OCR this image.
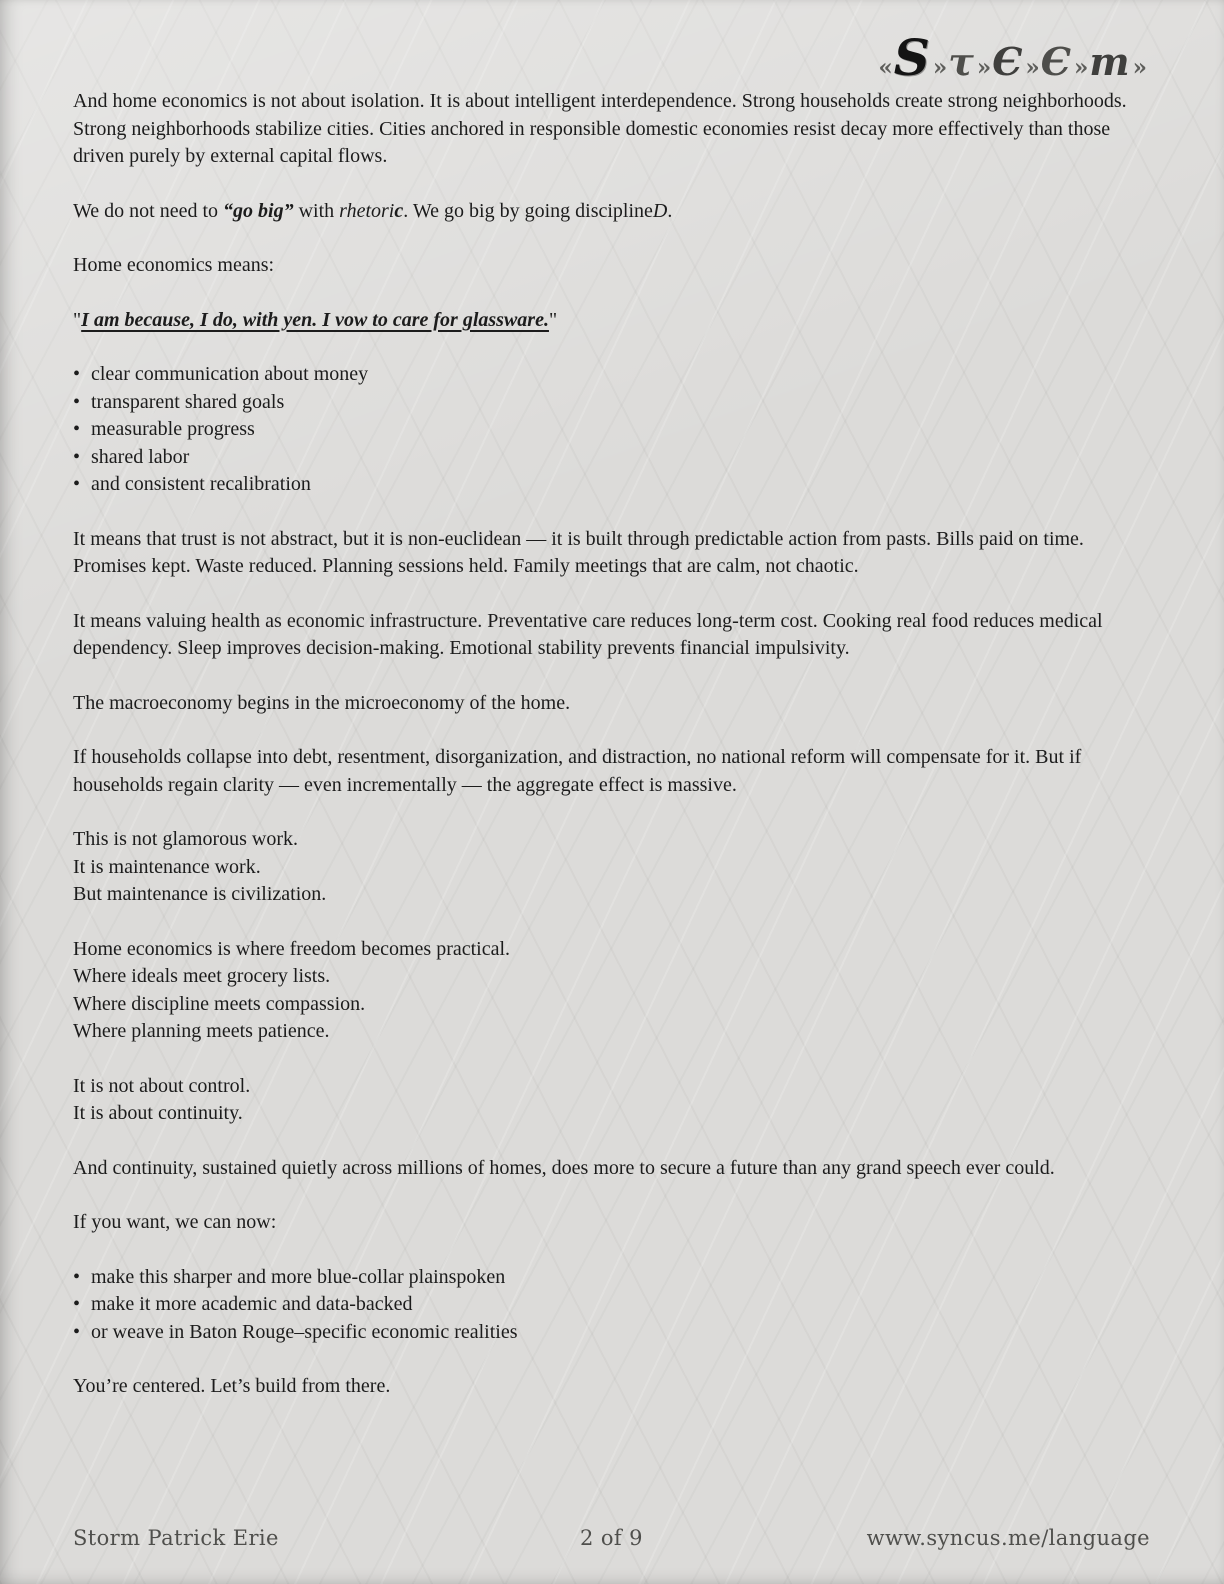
«S »τ »Є »Є »m »

And home economics is not about isolation. It is about intelligent interdependence. Strong households create strong neighborhoods. Strong neighborhoods stabilize cities. Cities anchored in responsible domestic economies resist decay more effectively than those driven purely by external capital flows.

We do not need to “go big” with rhetoric. We go big by going disciplineD.

Home economics means:

"I am because, I do, with yen. I vow to care for glassware."

• clear communication about money
• transparent shared goals
• measurable progress
• shared labor
• and consistent recalibration

It means that trust is not abstract, but it is non-euclidean — it is built through predictable action from pasts. Bills paid on time. Promises kept. Waste reduced. Planning sessions held. Family meetings that are calm, not chaotic.

It means valuing health as economic infrastructure. Preventative care reduces long-term cost. Cooking real food reduces medical dependency. Sleep improves decision-making. Emotional stability prevents financial impulsivity.

The macroeconomy begins in the microeconomy of the home.

If households collapse into debt, resentment, disorganization, and distraction, no national reform will compensate for it. But if households regain clarity — even incrementally — the aggregate effect is massive.

This is not glamorous work.
It is maintenance work.
But maintenance is civilization.

Home economics is where freedom becomes practical.
Where ideals meet grocery lists.
Where discipline meets compassion.
Where planning meets patience.

It is not about control.
It is about continuity.

And continuity, sustained quietly across millions of homes, does more to secure a future than any grand speech ever could.

If you want, we can now:

• make this sharper and more blue-collar plainspoken
• make it more academic and data-backed
• or weave in Baton Rouge–specific economic realities

You’re centered. Let’s build from there.

Storm Patrick Erie	2 of 9	www.syncus.me/language
